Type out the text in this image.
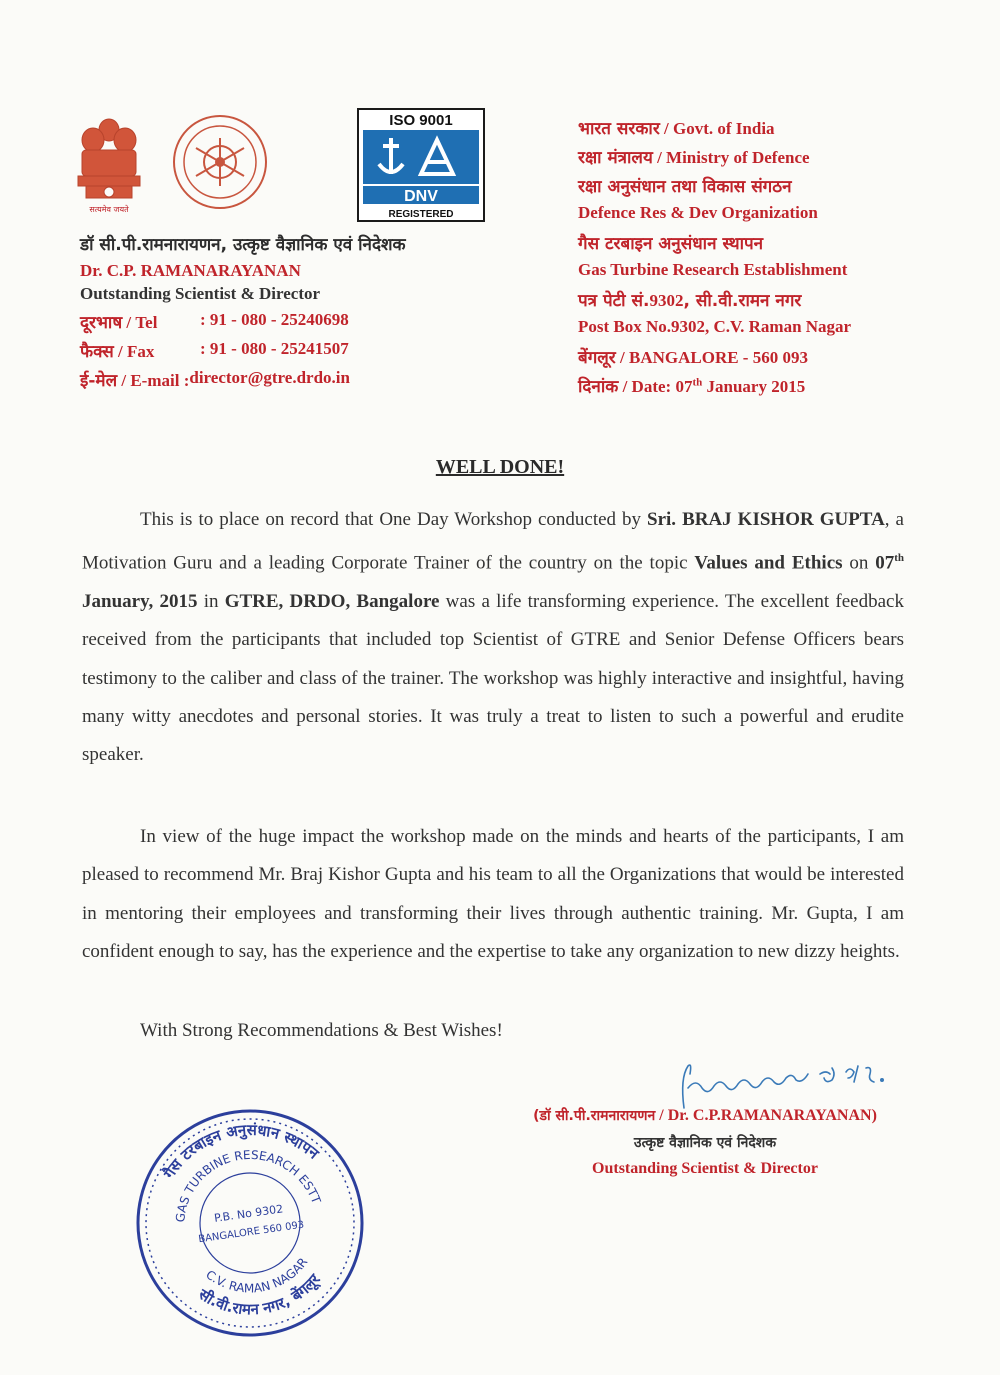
सत्यमेव जयते
ISO 9001
DNV
REGISTERED

डॉ सी.पी.रामनारायणन, उत्कृष्ट वैज्ञानिक एवं निदेशक

Dr. C.P. RAMANARAYANAN

Outstanding Scientist & Director

दूरभाष / Tel	: 91 - 080 - 25240698
फैक्स / Fax	: 91 - 080 - 25241507
ई-मेल / E-mail : director@gtre.drdo.in

भारत सरकार / Govt. of India

रक्षा मंत्रालय / Ministry of Defence

रक्षा अनुसंधान तथा विकास संगठन

Defence Res & Dev Organization

गैस टरबाइन अनुसंधान स्थापन

Gas Turbine Research Establishment

पत्र पेटी सं.9302, सी.वी.रामन नगर

Post Box No.9302, C.V. Raman Nagar

बेंगलूर / BANGALORE - 560 093

दिनांक / Date: 07th January 2015

WELL DONE!
This is to place on record that One Day Workshop conducted by Sri. BRAJ KISHOR GUPTA, a Motivation Guru and a leading Corporate Trainer of the country on the topic Values and Ethics on 07th January, 2015 in GTRE, DRDO, Bangalore was a life transforming experience. The excellent feedback received from the participants that included top Scientist of GTRE and Senior Defense Officers bears testimony to the caliber and class of the trainer. The workshop was highly interactive and insightful, having many witty anecdotes and personal stories. It was truly a treat to listen to such a powerful and erudite speaker.
In view of the huge impact the workshop made on the minds and hearts of the participants, I am pleased to recommend Mr. Braj Kishor Gupta and his team to all the Organizations that would be interested in mentoring their employees and transforming their lives through authentic training. Mr. Gupta, I am confident enough to say, has the experience and the expertise to take any organization to new dizzy heights.
With Strong Recommendations & Best Wishes!
(डॉ सी.पी.रामनारायणन / Dr. C.P.RAMANARAYANAN)
उत्कृष्ट वैज्ञानिक एवं निदेशक
Outstanding Scientist & Director
गैस टरबाइन अनुसंधान स्थापन
GAS TURBINE RESEARCH ESTT
P.B. No 9302
BANGALORE 560 093
C.V. RAMAN NAGAR
सी.वी.रामन नगर, बेंगलूर
